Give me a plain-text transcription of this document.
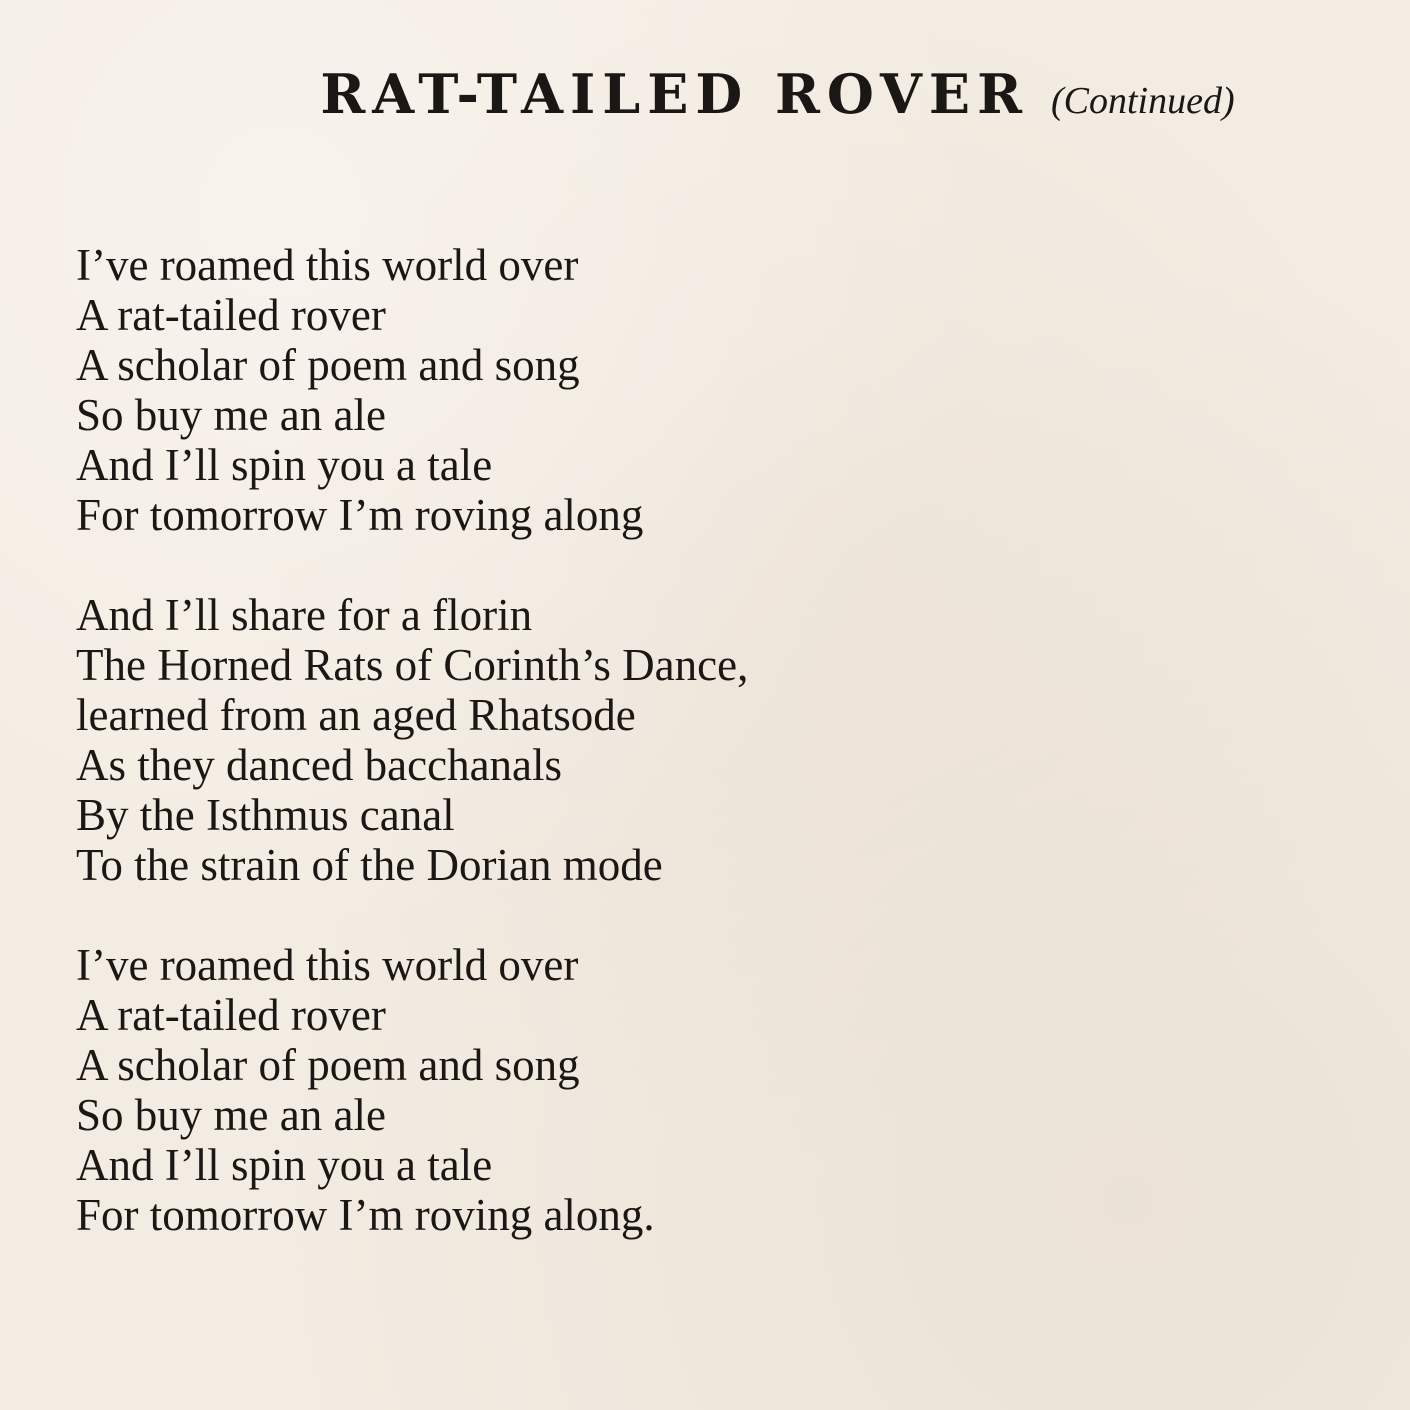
RAT-TAILED ROVER (Continued)
I’ve roamed this world over
A rat-tailed rover
A scholar of poem and song
So buy me an ale
And I’ll spin you a tale
For tomorrow I’m roving along
And I’ll share for a florin
The Horned Rats of Corinth’s Dance,
learned from an aged Rhatsode
As they danced bacchanals
By the Isthmus canal
To the strain of the Dorian mode
I’ve roamed this world over
A rat-tailed rover
A scholar of poem and song
So buy me an ale
And I’ll spin you a tale
For tomorrow I’m roving along.
